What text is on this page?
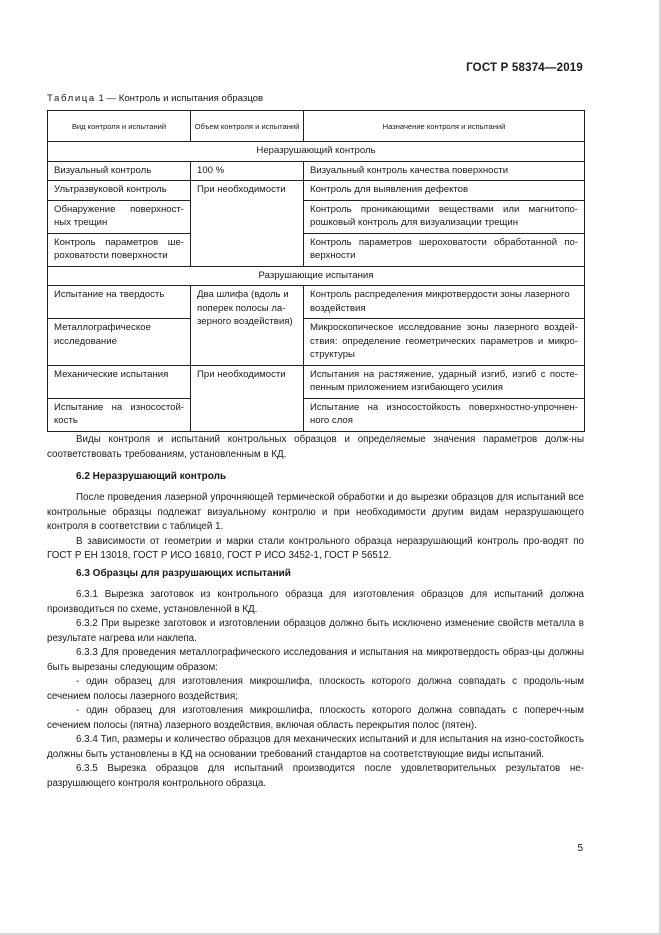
ГОСТ Р 58374—2019
Таблица 1 — Контроль и испытания образцов
Вид контроля и испытаний	Объем контроля и испытаний	Назначение контроля и испытаний
Неразрушающий контроль		
Визуальный контроль	100 %	Визуальный контроль качества поверхности
Ультразвуковой контроль	При необходимости	Контроль для выявления дефектов
Обнаружение поверхност-ных трещин		Контроль проникающими веществами или магнитопо-рошковый контроль для визуализации трещин
Контроль параметров ше-роховатости поверхности		Контроль параметров шероховатости обработанной по-верхности
Разрушающие испытания		
Испытание на твердость	Два шлифа (вдоль и поперек полосы ла-зерного воздействия)	Контроль распределения микротвердости зоны лазерного воздействия
Металлографическое исследование		Микроскопическое исследование зоны лазерного воздей-ствия: определение геометрических параметров и микро-структуры
Механические испытания	При необходимости	Испытания на растяжение, ударный изгиб, изгиб с посте-пенным приложением изгибающего усилия
Испытание на износостой-кость		Испытание на износостойкость поверхностно-упрочнен-ного слоя

Виды контроля и испытаний контрольных образцов и определяемые значения параметров долж-ны соответствовать требованиям, установленным в КД.

6.2 Неразрушающий контроль

После проведения лазерной упрочняющей термической обработки и до вырезки образцов для испытаний все контрольные образцы подлежат визуальному контролю и при необходимости другим видам неразрушающего контроля в соответствии с таблицей 1.

В зависимости от геометрии и марки стали контрольного образца неразрушающий контроль про-водят по ГОСТ Р ЕН 13018, ГОСТ Р ИСО 16810, ГОСТ Р ИСО 3452-1, ГОСТ Р 56512.

6.3 Образцы для разрушающих испытаний

6.3.1 Вырезка заготовок из контрольного образца для изготовления образцов для испытаний должна производиться по схеме, установленной в КД.

6.3.2 При вырезке заготовок и изготовлении образцов должно быть исключено изменение свойств металла в результате нагрева или наклепа.

6.3.3 Для проведения металлографического исследования и испытания на микротвердость образ-цы должны быть вырезаны следующим образом:

- один образец для изготовления микрошлифа, плоскость которого должна совпадать с продоль-ным сечением полосы лазерного воздействия;

- один образец для изготовления микрошлифа, плоскость которого должна совпадать с попереч-ным сечением полосы (пятна) лазерного воздействия, включая область перекрытия полос (пятен).

6.3.4 Тип, размеры и количество образцов для механических испытаний и для испытания на изно-состойкость должны быть установлены в КД на основании требований стандартов на соответствующие виды испытаний.

6.3.5 Вырезка образцов для испытаний производится после удовлетворительных результатов не-разрушающего контроля контрольного образца.

5
